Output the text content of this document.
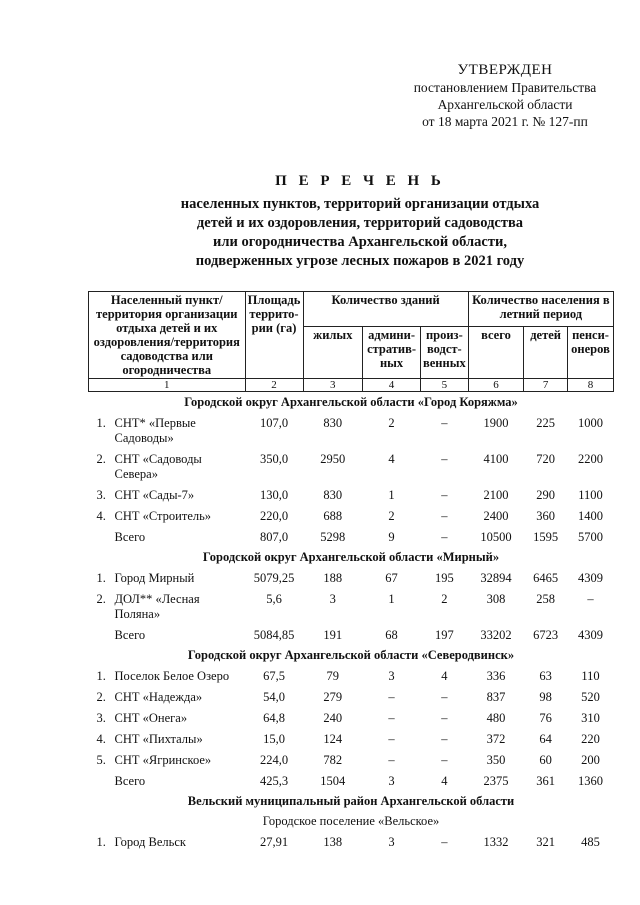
УТВЕРЖДЕН
постановлением Правительства
Архангельской области
от 18 марта 2021 г. № 127-пп
П Е Р Е Ч Е Н Ь
населенных пунктов, территорий организации отдыха
детей и их оздоровления, территорий садоводства
или огородничества Архангельской области,
подверженных угрозе лесных пожаров в 2021 году
Населенный пункт/ территория организации отдыха детей и их оздоровления/территория садоводства или огородничества	Площадь террито-рии (га)	Количество зданий			Количество населения в летний период		
		жилых	админи-стратив-ных	произ-водст-венных	всего	детей	пенси-онеров
1	2	3	4	5	6	7	8
Городской округ Архангельской области «Город Коряжма»							

1. СНТ* «Первые Садоводы»	107,0	830	2	–	1900	225	1000

2. СНТ «Садоводы Севера»	350,0	2950	4	–	4100	720	2200

3. СНТ «Сады-7»	130,0	830	1	–	2100	290	1100

4. СНТ «Строитель»	220,0	688	2	–	2400	360	1400

Всего	807,0	5298	9	–	10500	1595	5700
Городской округ Архангельской области «Мирный»							

1. Город Мирный	5079,25	188	67	195	32894	6465	4309

2. ДОЛ** «Лесная Поляна»	5,6	3	1	2	308	258	–

Всего	5084,85	191	68	197	33202	6723	4309
Городской округ Архангельской области «Северодвинск»							

1. Поселок Белое Озеро	67,5	79	3	4	336	63	110

2. СНТ «Надежда»	54,0	279	–	–	837	98	520

3. СНТ «Онега»	64,8	240	–	–	480	76	310

4. СНТ «Пихталы»	15,0	124	–	–	372	64	220

5. СНТ «Ягринское»	224,0	782	–	–	350	60	200

Всего	425,3	1504	3	4	2375	361	1360
Вельский муниципальный район Архангельской области							
Городское поселение «Вельское»							

1. Город Вельск	27,91	138	3	–	1332	321	485
